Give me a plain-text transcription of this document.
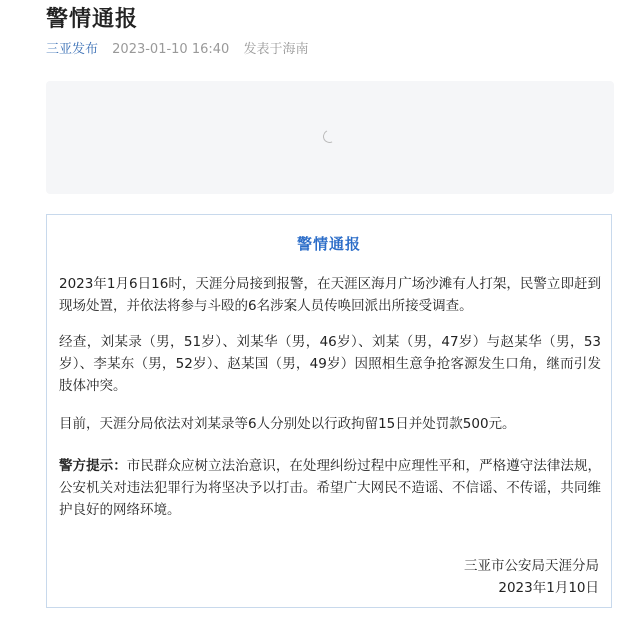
警情通报
三亚发布 2023-01-10 16:40 发表于海南
警情通报
2023年1月6日16时，天涯分局接到报警，在天涯区海月广场沙滩有人打架，民警立即赶到现场处置，并依法将参与斗殴的6名涉案人员传唤回派出所接受调查。
经查，刘某录（男，51岁）、刘某华（男，46岁）、刘某（男，47岁）与赵某华（男，53岁）、李某东（男，52岁）、赵某国（男，49岁）因照相生意争抢客源发生口角，继而引发肢体冲突。
目前，天涯分局依法对刘某录等6人分别处以行政拘留15日并处罚款500元。
警方提示：市民群众应树立法治意识，在处理纠纷过程中应理性平和，严格遵守法律法规，公安机关对违法犯罪行为将坚决予以打击。希望广大网民不造谣、不信谣、不传谣，共同维护良好的网络环境。
三亚市公安局天涯分局
2023年1月10日
